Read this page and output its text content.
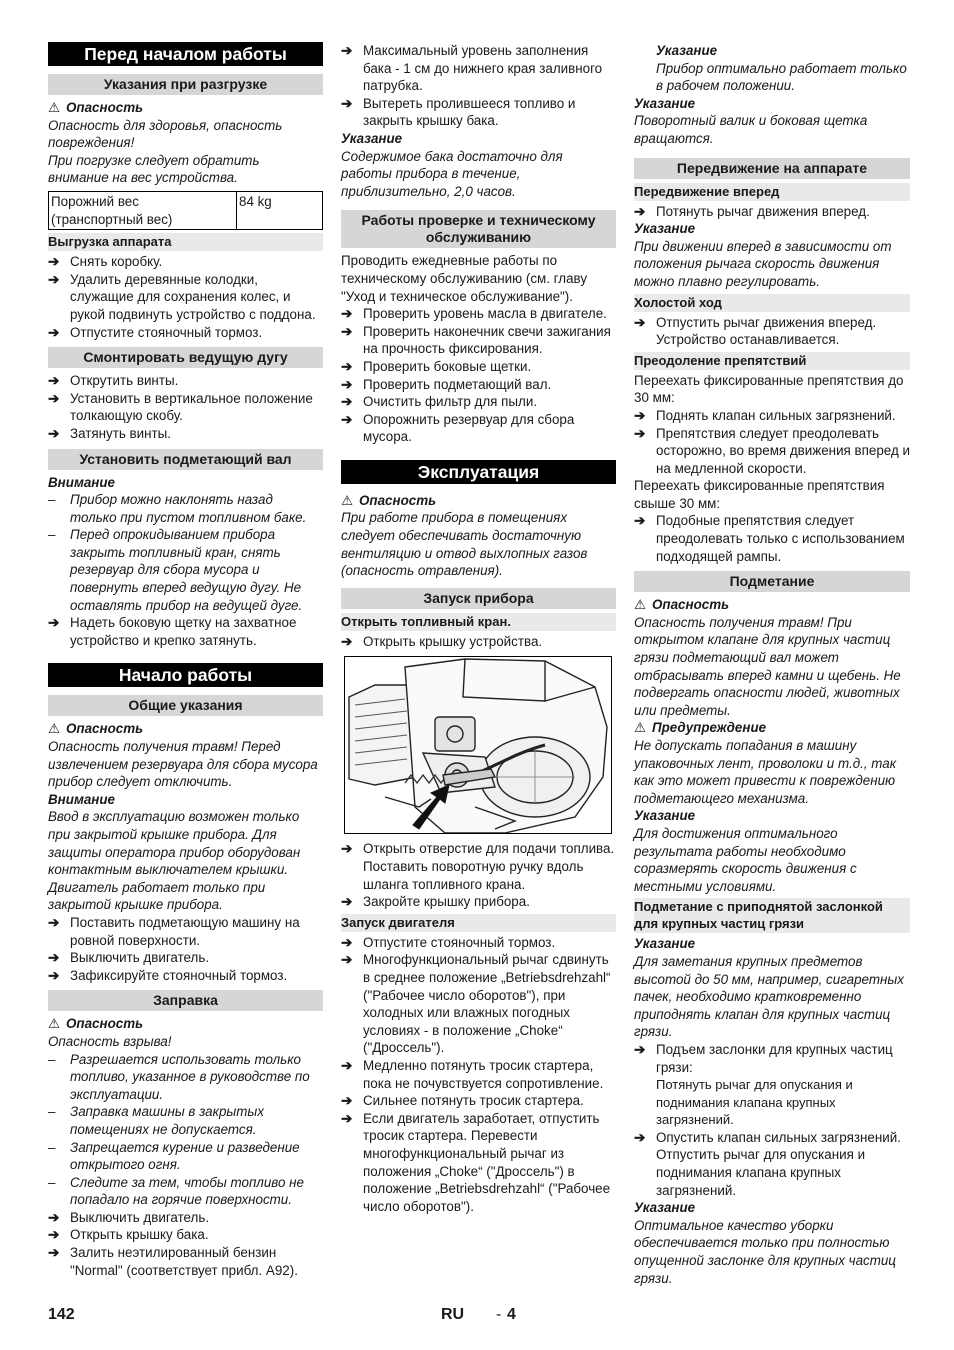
Перед началом работы
Указания при разгрузке

⚠ Опасность

Опасность для здоровья, опасность повреждения!

При погрузке следует обратить внимание на вес устройства.

Порожний вес (транспортный вес)	84 kg
Выгрузка аппарата
➔ Снять коробку.
➔ Удалить деревянные колодки, служащие для сохранения колес, и рукой подвинуть устройство с поддона.
➔ Отпустите стояночный тормоз.
Смонтировать ведущую дугу
➔ Открутить винты.
➔ Установить в вертикальное положение толкающую скобу.
➔ Затянуть винты.
Установить подметающий вал

Внимание

–	Прибор можно наклонять назад только при пустом топливном баке.
–	Перед опрокидыванием прибора закрыть топливный кран, снять резервуар для сбора мусора и повернуть вперед ведущую дугу. Не оставлять прибор на ведущей дуге.
➔ Надеть боковую щетку на захватное устройство и крепко затянуть.
Начало работы
Общие указания

⚠ Опасность

Опасность получения травм! Перед извлечением резервуара для сбора мусора прибор следует отключить.

Внимание

Ввод в эксплуатацию возможен только при закрытой крышке прибора. Для защиты оператора прибор оборудован контактным выключателем крышки. Двигатель работает только при закрытой крышке прибора.

➔ Поставить подметающую машину на ровной поверхности.
➔ Выключить двигатель.
➔ Зафиксируйте стояночный тормоз.
Заправка

⚠ Опасность

Опасность взрыва!

–	Разрешается использовать только топливо, указанное в руководстве по эксплуатации.
–	Заправка машины в закрытых помещениях не допускается.
–	Запрещается курение и разведение открытого огня.
–	Следите за тем, чтобы топливо не попадало на горячие поверхности.
➔ Выключить двигатель.
➔ Открыть крышку бака.
➔ Залить неэтилированный бензин "Normal" (соответствует прибл. A92).
➔ Максимальный уровень заполнения бака - 1 см до нижнего края заливного патрубка.
➔ Вытереть пролившееся топливо и закрыть крышку бака.

Указание

Содержимое бака достаточно для работы прибора в течение, приблизительно, 2,0 часов.

Работы проверке и техническому обслуживанию

Проводить ежедневные работы по техническому обслуживанию (см. главу "Уход и техническое обслуживание").

➔ Проверить уровень масла в двигателе.
➔ Проверить наконечник свечи зажигания на прочность фиксирования.
➔ Проверить боковые щетки.
➔ Проверить подметающий вал.
➔ Очистить фильтр для пыли.
➔ Опорожнить резервуар для сбора мусора.
Эксплуатация

⚠ Опасность

При работе прибора в помещениях следует обеспечивать достаточную вентиляцию и отвод выхлопных газов (опасность отравления).

Запуск прибора
Открыть топливный кран.
➔ Открыть крышку устройства.
➔ Открыть отверстие для подачи топлива.

Поставить поворотную ручку вдоль шланга топливного крана.

➔ Закройте крышку прибора.
Запуск двигателя
➔ Отпустите стояночный тормоз.
➔ Многофункциональный рычаг сдвинуть в среднее положение „Betriebsdrehzahl“ ("Рабочее число оборотов"), при холодных или влажных погодных условиях - в положение „Choke“ ("Дроссель").
➔ Медленно потянуть тросик стартера, пока не почувствуется сопротивление.
➔ Сильнее потянуть тросик стартера.
➔ Если двигатель заработает, отпустить тросик стартера. Перевести многофункциональный рычаг из положения „Choke“ ("Дроссель") в положение „Betriebsdrehzahl“ ("Рабочее число оборотов").

Указание

Прибор оптимально работает только в рабочем положении.

Указание

Поворотный валик и боковая щетка вращаются.

Передвижение на аппарате
Передвижение вперед
➔ Потянуть рычаг движения вперед.

Указание

При движении вперед в зависимости от положения рычага скорость движения можно плавно регулировать.

Холостой ход
➔ Отпустить рычаг движения вперед. Устройство останавливается.
Преодоление препятствий

Переехать фиксированные препятствия до 30 мм:

➔ Поднять клапан сильных загрязнений.
➔ Препятствия следует преодолевать осторожно, во время движения вперед и на медленной скорости.

Переехать фиксированные препятствия свыше 30 мм:

➔ Подобные препятствия следует преодолевать только с использованием подходящей рампы.
Подметание

⚠ Опасность

Опасность получения травм! При открытом клапане для крупных частиц грязи подметающий вал может отбрасывать вперед камни и щебень. Не подвергать опасности людей, животных или предметы.

⚠ Предупреждение

Не допускать попадания в машину упаковочных лент, проволоки и т.д., так как это может привести к повреждению подметающего механизма.

Указание

Для достижения оптимального результата работы необходимо соразмерять скорость движения с местными условиями.

Подметание с приподнятой заслонкой для крупных частиц грязи

Указание

Для заметания крупных предметов высотой до 50 мм, например, сигаретных пачек, необходимо кратковременно приподнять клапан для крупных частиц грязи.

➔ Подъем заслонки для крупных частиц грязи:

Потянуть рычаг для опускания и поднимания клапана крупных загрязнений.

➔ Опустить клапан сильных загрязнений.

Отпустить рычаг для опускания и поднимания клапана крупных загрязнений.

Указание

Оптимальное качество уборки обеспечивается только при полностью опущенной заслонке для крупных частиц грязи.

142	RU - 4
